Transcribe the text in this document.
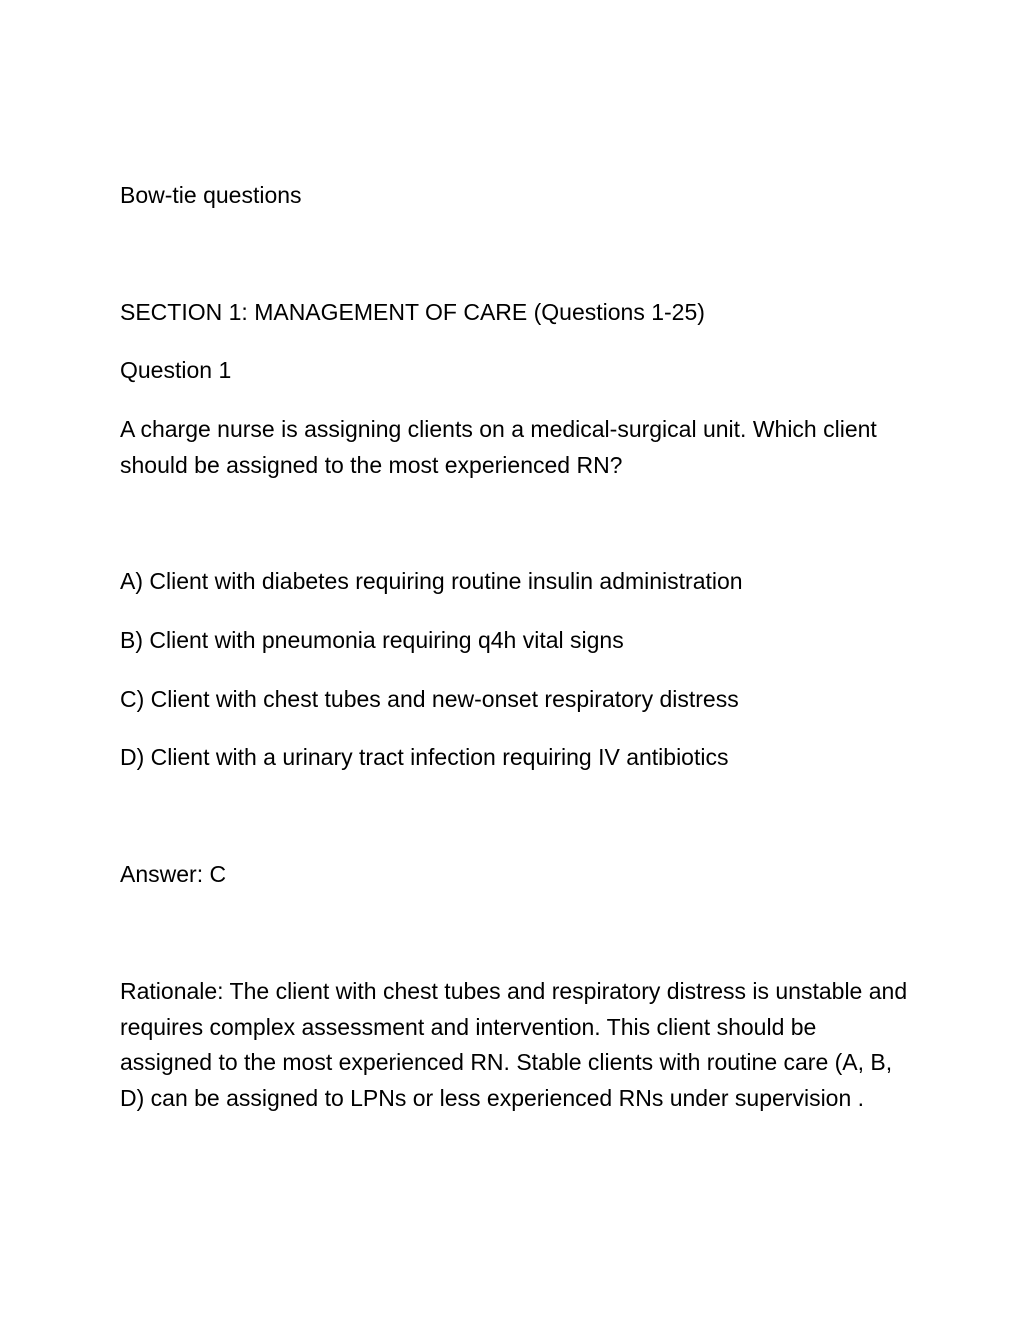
Bow-tie questions

SECTION 1: MANAGEMENT OF CARE (Questions 1-25)

Question 1

A charge nurse is assigning clients on a medical-surgical unit. Which client should be assigned to the most experienced RN?

A) Client with diabetes requiring routine insulin administration

B) Client with pneumonia requiring q4h vital signs

C) Client with chest tubes and new-onset respiratory distress

D) Client with a urinary tract infection requiring IV antibiotics

Answer: C

Rationale: The client with chest tubes and respiratory distress is unstable and requires complex assessment and intervention. This client should be assigned to the most experienced RN. Stable clients with routine care (A, B, D) can be assigned to LPNs or less experienced RNs under supervision .
